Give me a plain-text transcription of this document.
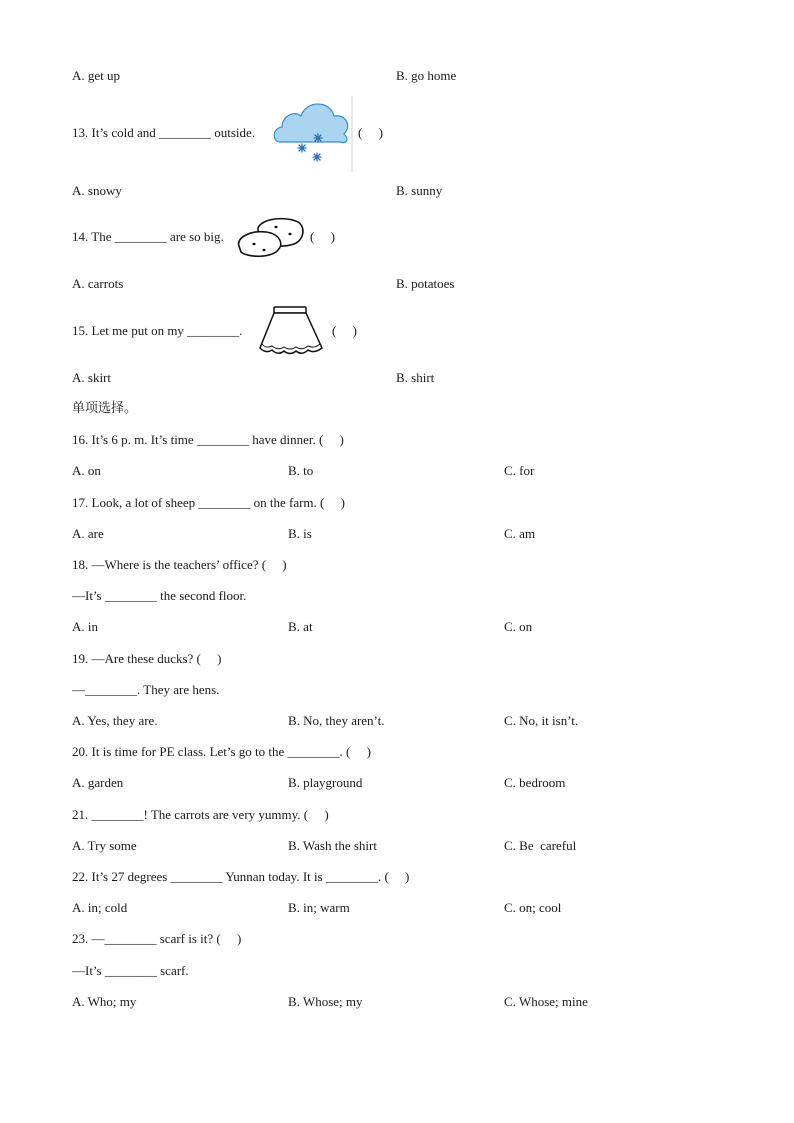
A. get up	B. go home
13. It’s cold and ________ outside.	(     )
A. snowy	B. sunny
14. The ________ are so big.	(     )
A. carrots	B. potatoes
15. Let me put on my ________.	(     )
A. skirt	B. shirt
单项选择。
16. It’s 6 p. m. It’s time ________ have dinner. (     )
A. on	B. to	C. for
17. Look, a lot of sheep ________ on the farm. (     )
A. are	B. is	C. am
18. —Where is the teachers’ office? (     )
—It’s ________ the second floor.
A. in	B. at	C. on
19. —Are these ducks? (     )
—________. They are hens.
A. Yes, they are.	B. No, they aren’t.	C. No, it isn’t.
20. It is time for PE class. Let’s go to the ________. (     )
A. garden	B. playground	C. bedroom
21. ________! The carrots are very yummy. (     )
A. Try some	B. Wash the shirt	C. Be  careful
22. It’s 27 degrees ________ Yunnan today. It is ________. (     )
A. in; cold	B. in; warm	C. on; cool
23. —________ scarf is it? (     )
—It’s ________ scarf.
A. Who; my	B. Whose; my	C. Whose; mine
